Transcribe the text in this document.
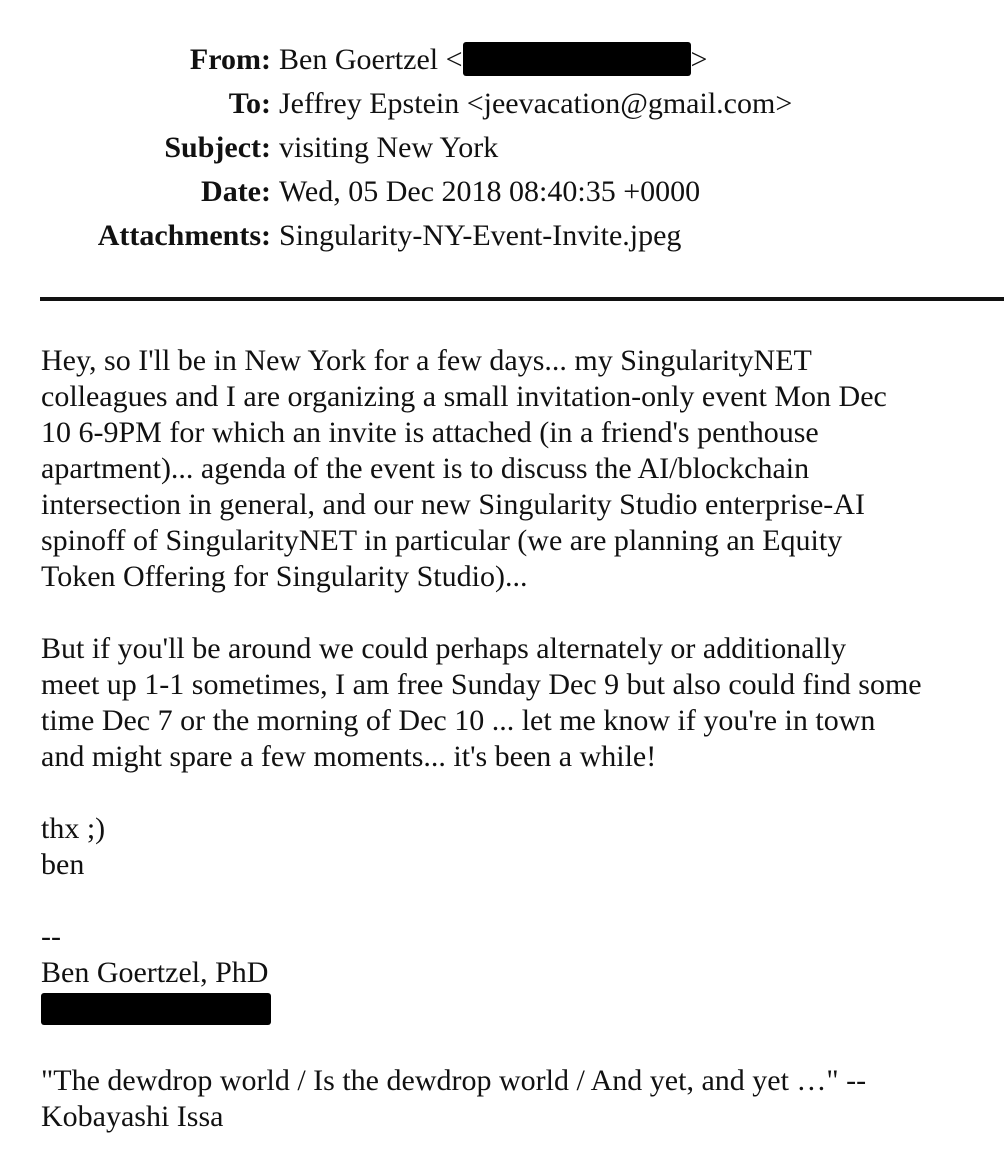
From: Ben Goertzel <	>
To: Jeffrey Epstein <jeevacation@gmail.com>
Subject: visiting New York
Date: Wed, 05 Dec 2018 08:40:35 +0000
Attachments: Singularity-NY-Event-Invite.jpeg
Hey, so I'll be in New York for a few days... my SingularityNET
colleagues and I are organizing a small invitation-only event Mon Dec
10 6-9PM for which an invite is attached (in a friend's penthouse
apartment)... agenda of the event is to discuss the AI/blockchain
intersection in general, and our new Singularity Studio enterprise-AI
spinoff of SingularityNET in particular (we are planning an Equity
Token Offering for Singularity Studio)...
But if you'll be around we could perhaps alternately or additionally
meet up 1-1 sometimes, I am free Sunday Dec 9 but also could find some
time Dec 7 or the morning of Dec 10 ... let me know if you're in town
and might spare a few moments... it's been a while!
thx ;)
ben
--
Ben Goertzel, PhD
"The dewdrop world / Is the dewdrop world / And yet, and yet …" --
Kobayashi Issa
